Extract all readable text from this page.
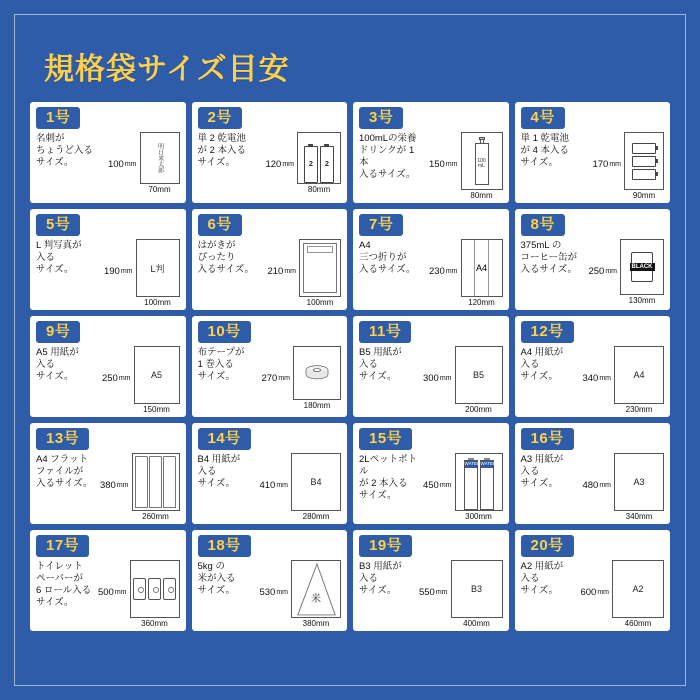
規格袋サイズ目安
1号
名刺が
ちょうど入る
サイズ。	100 mm	明日来太郎
70mm
2号
単 2 乾電池
が 2 本入る
サイズ。	120 mm	2	2
80mm
3号
100mLの栄養
ドリンクが 1 本
入るサイズ。
150 mm	100
mL
80mm
4号
単 1 乾電池
が 4 本入る
サイズ。	170 mm
90mm
5号
L 判写真が
入る
サイズ。	190 mm L判
100mm
6号
はがきが
ぴったり
入るサイズ。	210 mm
100mm
7号
A4
三つ折りが
入るサイズ。	230 mm A4
120mm
8号
375mL の
コーヒー缶が
入るサイズ。	250 mm
BLACK
130mm
9号
A5 用紙が
入る
サイズ。	250 mm A5
150mm
10号
布テープが
1 巻入る
サイズ。	270 mm
180mm
11号
B5 用紙が
入る
サイズ。	300 mm B5
200mm
12号
A4 用紙が
入る
サイズ。	340 mm A4
230mm
13号
A4 フラット
ファイルが
入るサイズ。 380 mm
260mm
14号
B4 用紙が
入る
サイズ。	410 mm B4
280mm
15号
2Lペットボトル
が 2 本入る
サイズ。
450 mm
WATER WATER
300mm
16号
A3 用紙が
入る
サイズ。	480 mm A3
340mm
17号
トイレット
ペーパーが
6 ロール入る
サイズ。
500 mm
360mm
18号
5kg の
米が入る
サイズ。	530 mm
米
380mm
19号
B3 用紙が
入る
サイズ。	550 mm	B3
400mm
20号
A2 用紙が
入る
サイズ。	600 mm	A2
460mm
